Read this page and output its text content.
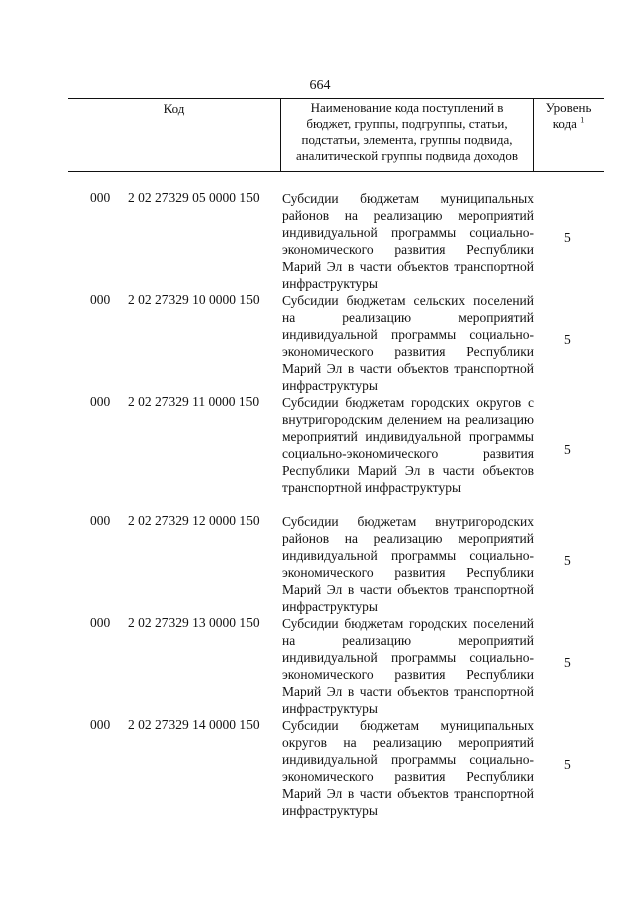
664
Код	Наименование кода поступлений в
бюджет, группы, подгруппы, статьи,
подстатьи, элемента, группы подвида,
аналитической группы подвида доходов
Уровень
кода $^1$
000 2 02 27329 05 0000 150 Субсидии бюджетам муниципальных районов на реализацию мероприятий индивидуальной программы социально-экономического развития Республики Марий Эл в части объектов транспортной инфраструктуры
5
000 2 02 27329 10 0000 150 Субсидии бюджетам сельских поселений на реализацию мероприятий индивидуальной программы социально-экономического развития Республики Марий Эл в части объектов транспортной инфраструктуры
5
000 2 02 27329 11 0000 150 Субсидии бюджетам городских округов с внутригородским делением на реализацию мероприятий индивидуальной программы социально-экономического развития Республики Марий Эл в части объектов транспортной инфраструктуры
5
000 2 02 27329 12 0000 150 Субсидии бюджетам внутригородских районов на реализацию мероприятий индивидуальной программы социально-экономического развития Республики Марий Эл в части объектов транспортной инфраструктуры
5
000 2 02 27329 13 0000 150 Субсидии бюджетам городских поселений на реализацию мероприятий индивидуальной программы социально-экономического развития Республики Марий Эл в части объектов транспортной инфраструктуры
5
000 2 02 27329 14 0000 150 Субсидии бюджетам муниципальных округов на реализацию мероприятий индивидуальной программы социально-экономического развития Республики Марий Эл в части объектов транспортной инфраструктуры
5
